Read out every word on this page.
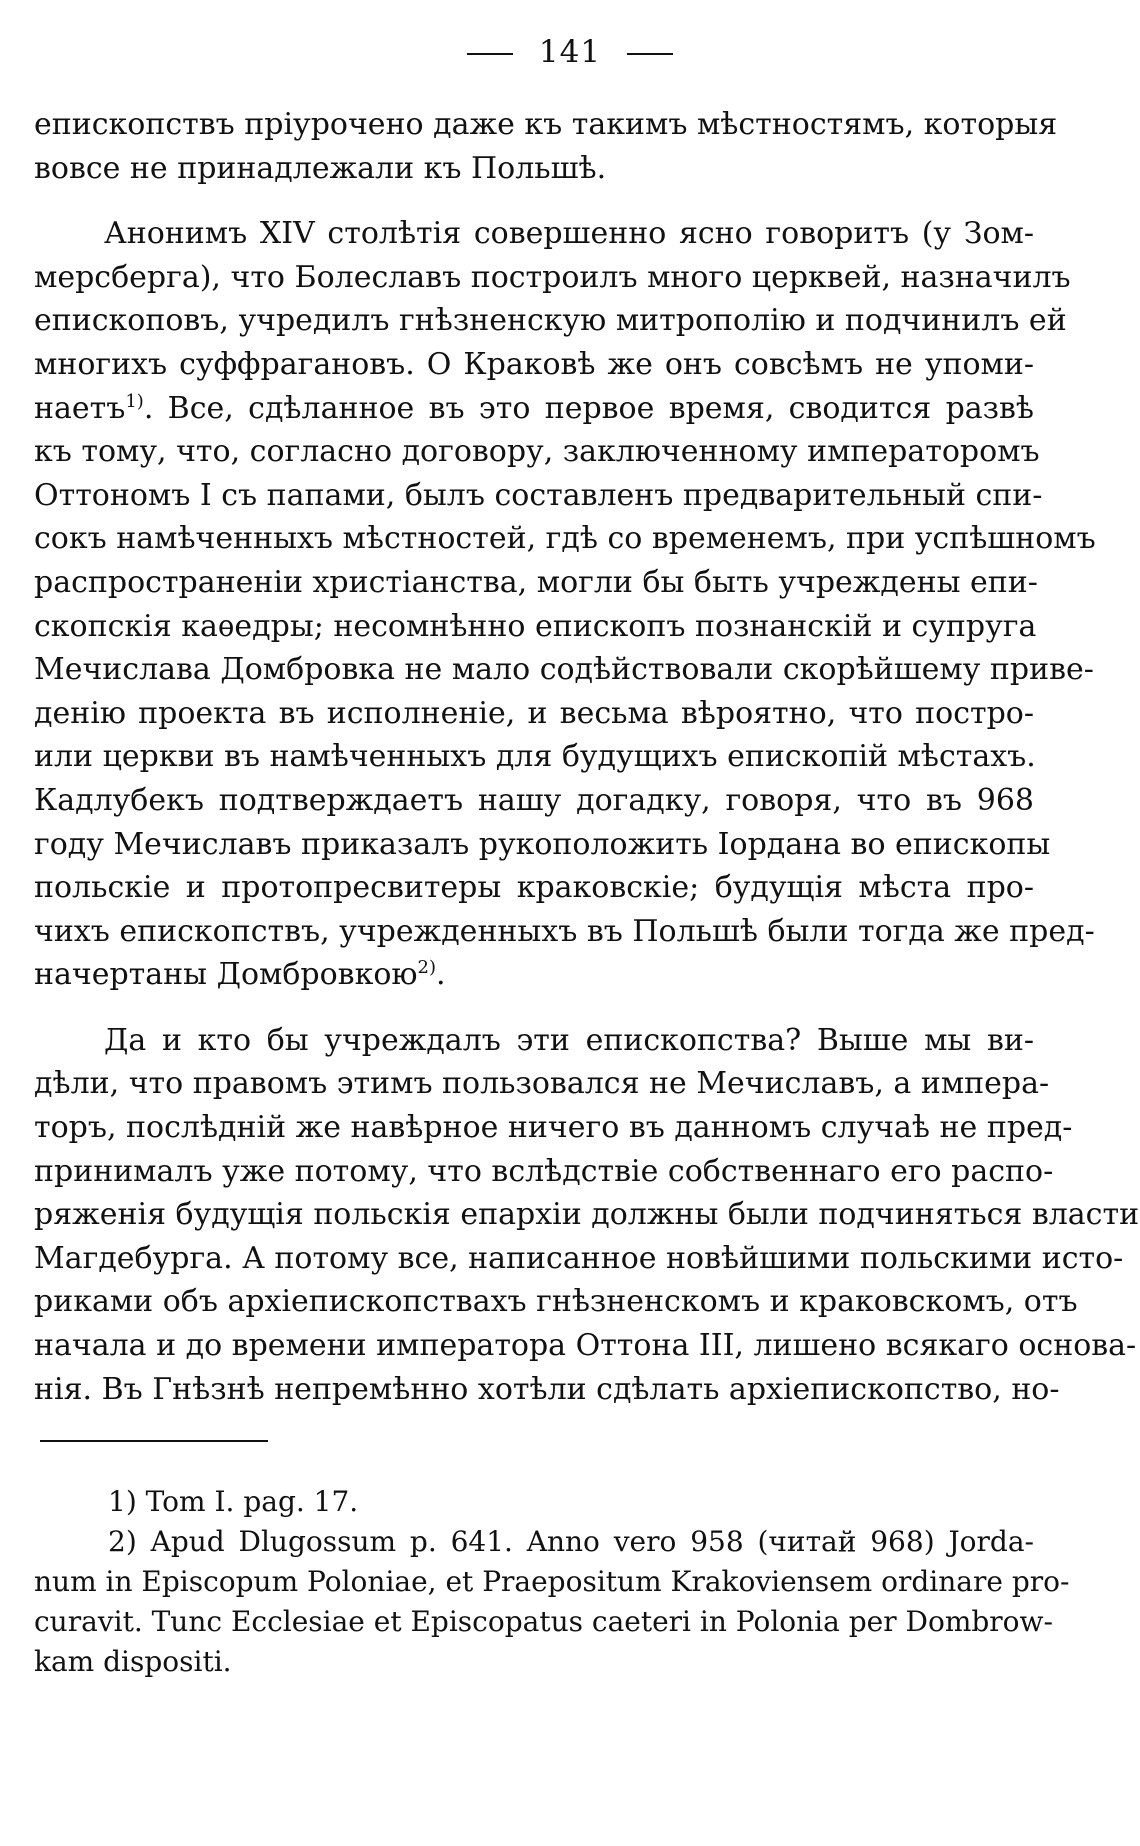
141
епископствъ пріурочено даже къ такимъ мѣстностямъ, которыя
вовсе не принадлежали къ Польшѣ.
Анонимъ XIV столѣтія совершенно ясно говоритъ (у Зом-
мерсберга), что Болеславъ построилъ много церквей, назначилъ
епископовъ, учредилъ гнѣзненскую митрополію и подчинилъ ей
многихъ суффрагановъ. О Краковѣ же онъ совсѣмъ не упоми-
наетъ$^{1)}$. Все, сдѣланное въ это первое время, сводится развѣ
къ тому, что, согласно договору, заключенному императоромъ
Оттономъ I съ папами, былъ составленъ предварительный спи-
сокъ намѣченныхъ мѣстностей, гдѣ со временемъ, при успѣшномъ
распространеніи христіанства, могли бы быть учреждены епи-
скопскія каѳедры; несомнѣнно епископъ познанскій и супруга
Мечислава Домбровка не мало содѣйствовали скорѣйшему приве-
денію проекта въ исполненіе, и весьма вѣроятно, что постро-
или церкви въ намѣченныхъ для будущихъ епископій мѣстахъ.
Кадлубекъ подтверждаетъ нашу догадку, говоря, что въ 968
году Мечиславъ приказалъ рукоположить Іордана во епископы
польскіе и протопресвитеры краковскіе; будущія мѣста про-
чихъ епископствъ, учрежденныхъ въ Польшѣ были тогда же пред-
начертаны Домбровкою$^{2)}$.
Да и кто бы учреждалъ эти епископства? Выше мы ви-
дѣли, что правомъ этимъ пользовался не Мечиславъ, а импера-
торъ, послѣдній же навѣрное ничего въ данномъ случаѣ не пред-
принималъ уже потому, что вслѣдствіе собственнаго его распо-
ряженія будущія польскія епархіи должны были подчиняться власти
Магдебурга. А потому все, написанное новѣйшими польскими исто-
риками объ архіепископствахъ гнѣзненскомъ и краковскомъ, отъ
начала и до времени императора Оттона III, лишено всякаго основа-
нія. Въ Гнѣзнѣ непремѣнно хотѣли сдѣлать архіепископство, но-
1) Tom I. pag. 17.
2) Apud Dlugossum p. 641. Anno vero 958 (читай 968) Jorda-
num in Episcopum Poloniae, et Praepositum Krakoviensem ordinare pro-
curavit. Tunc Ecclesiae et Episcopatus caeteri in Polonia per Dombrow-
kam dispositi.
